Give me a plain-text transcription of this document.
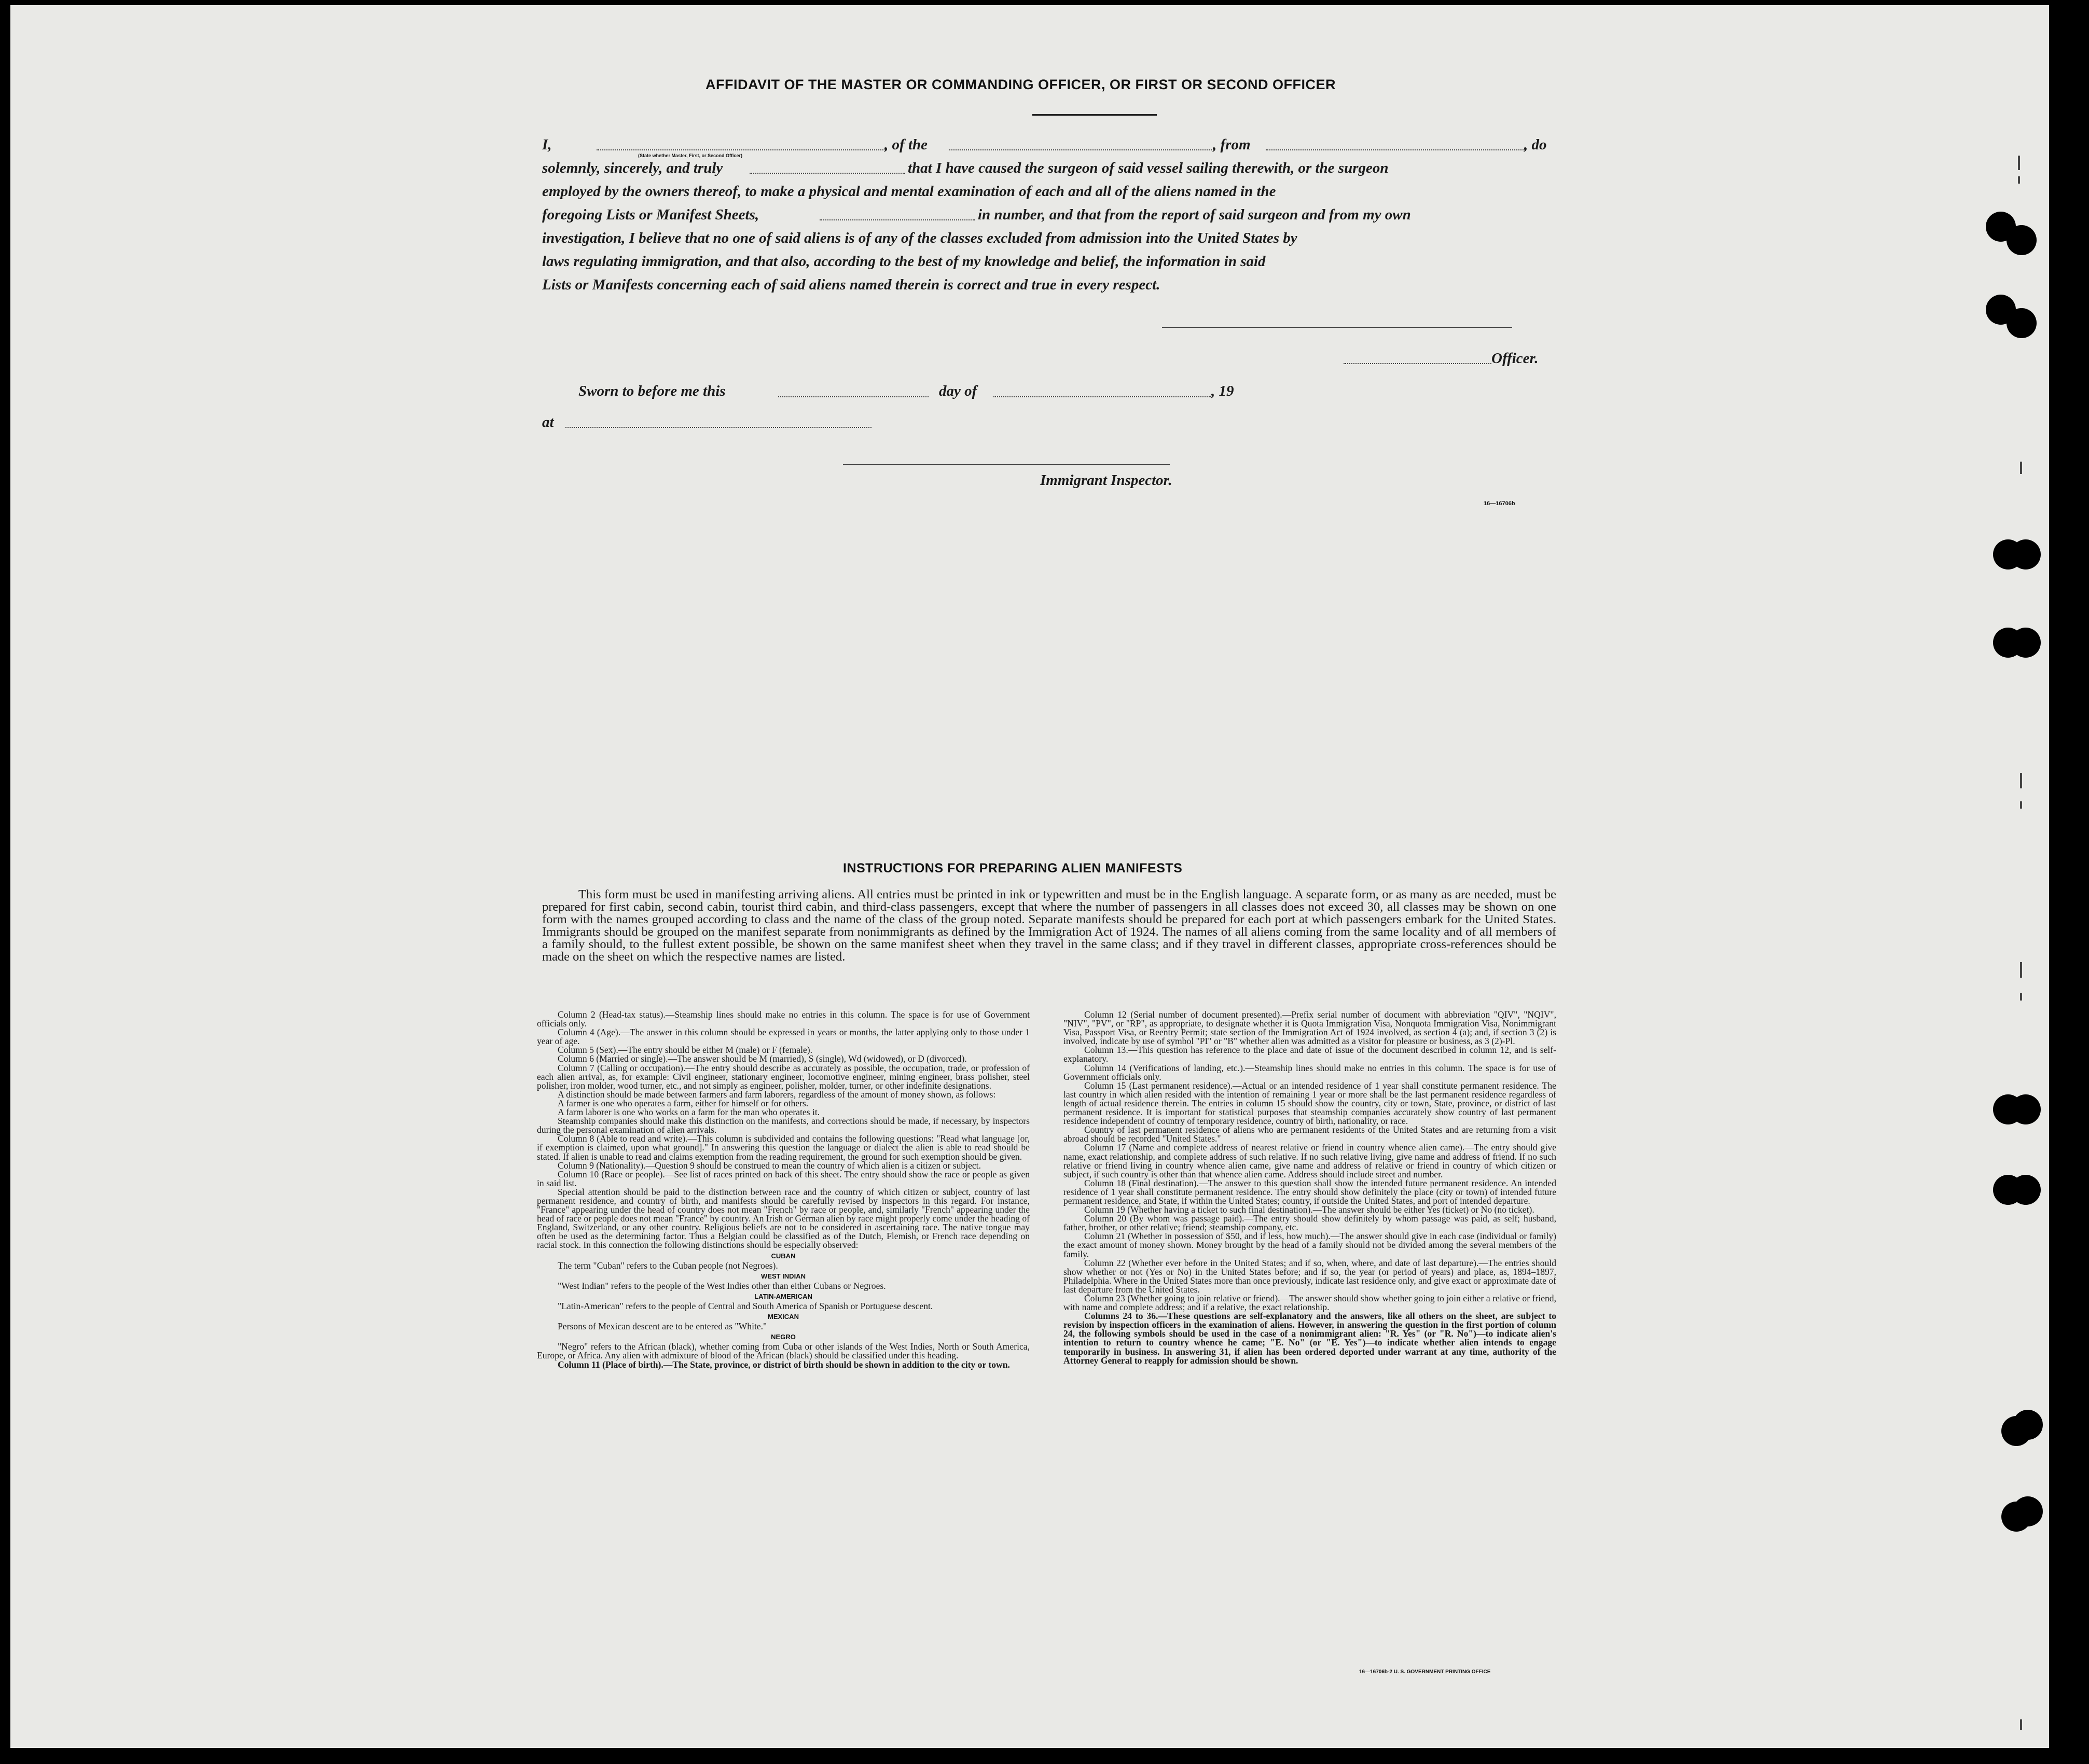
AFFIDAVIT OF THE MASTER OR COMMANDING OFFICER, OR FIRST OR SECOND OFFICER
I,	, of the	, from	, do
(State whether Master, First, or Second Officer)
solemnly, sincerely, and truly	that I have caused the surgeon of said vessel sailing therewith, or the surgeon
employed by the owners thereof, to make a physical and mental examination of each and all of the aliens named in the
foregoing Lists or Manifest Sheets,	in number, and that from the report of said surgeon and from my own
investigation, I believe that no one of said aliens is of any of the classes excluded from admission into the United States by
laws regulating immigration, and that also, according to the best of my knowledge and belief, the information in said
Lists or Manifests concerning each of said aliens named therein is correct and true in every respect.
Officer.
Sworn to before me this	day of	, 19
at
Immigrant Inspector.
16—16706b
INSTRUCTIONS FOR PREPARING ALIEN MANIFESTS
This form must be used in manifesting arriving aliens. All entries must be printed in ink or typewritten and must be in the English language. A separate form, or as many as are needed, must be prepared for first cabin, second cabin, tourist third cabin, and third-class passengers, except that where the number of passengers in all classes does not exceed 30, all classes may be shown on one form with the names grouped according to class and the name of the class of the group noted. Separate manifests should be prepared for each port at which passengers embark for the United States. Immigrants should be grouped on the manifest separate from nonimmigrants as defined by the Immigration Act of 1924. The names of all aliens coming from the same locality and of all members of a family should, to the fullest extent possible, be shown on the same manifest sheet when they travel in the same class; and if they travel in different classes, appropriate cross-references should be made on the sheet on which the respective names are listed.

Column 2 (Head-tax status).—Steamship lines should make no entries in this column. The space is for use of Government officials only.

Column 4 (Age).—The answer in this column should be expressed in years or months, the latter applying only to those under 1 year of age.

Column 5 (Sex).—The entry should be either M (male) or F (female).

Column 6 (Married or single).—The answer should be M (married), S (single), Wd (widowed), or D (divorced).

Column 7 (Calling or occupation).—The entry should describe as accurately as possible, the occupation, trade, or profession of each alien arrival, as, for example: Civil engineer, stationary engineer, locomotive engineer, mining engineer, brass polisher, steel polisher, iron molder, wood turner, etc., and not simply as engineer, polisher, molder, turner, or other indefinite designations.

A distinction should be made between farmers and farm laborers, regardless of the amount of money shown, as follows:

A farmer is one who operates a farm, either for himself or for others.

A farm laborer is one who works on a farm for the man who operates it.

Steamship companies should make this distinction on the manifests, and corrections should be made, if necessary, by inspectors during the personal examination of alien arrivals.

Column 8 (Able to read and write).—This column is subdivided and contains the following questions: "Read what language [or, if exemption is claimed, upon what ground]." In answering this question the language or dialect the alien is able to read should be stated. If alien is unable to read and claims exemption from the reading requirement, the ground for such exemption should be given.

Column 9 (Nationality).—Question 9 should be construed to mean the country of which alien is a citizen or subject.

Column 10 (Race or people).—See list of races printed on back of this sheet. The entry should show the race or people as given in said list.

Special attention should be paid to the distinction between race and the country of which citizen or subject, country of last permanent residence, and country of birth, and manifests should be carefully revised by inspectors in this regard. For instance, "France" appearing under the head of country does not mean "French" by race or people, and, similarly "French" appearing under the head of race or people does not mean "France" by country. An Irish or German alien by race might properly come under the heading of England, Switzerland, or any other country. Religious beliefs are not to be considered in ascertaining race. The native tongue may often be used as the determining factor. Thus a Belgian could be classified as of the Dutch, Flemish, or French race depending on racial stock. In this connection the following distinctions should be especially observed:

CUBAN

The term "Cuban" refers to the Cuban people (not Negroes).

WEST INDIAN

"West Indian" refers to the people of the West Indies other than either Cubans or Negroes.

LATIN-AMERICAN

"Latin-American" refers to the people of Central and South America of Spanish or Portuguese descent.

MEXICAN

Persons of Mexican descent are to be entered as "White."

NEGRO

"Negro" refers to the African (black), whether coming from Cuba or other islands of the West Indies, North or South America, Europe, or Africa. Any alien with admixture of blood of the African (black) should be classified under this heading.

Column 11 (Place of birth).—The State, province, or district of birth should be shown in addition to the city or town.

Column 12 (Serial number of document presented).—Prefix serial number of document with abbreviation "QIV", "NQIV", "NIV", "PV", or "RP", as appropriate, to designate whether it is Quota Immigration Visa, Nonquota Immigration Visa, Nonimmigrant Visa, Passport Visa, or Reentry Permit; state section of the Immigration Act of 1924 involved, as section 4 (a); and, if section 3 (2) is involved, indicate by use of symbol "PI" or "B" whether alien was admitted as a visitor for pleasure or business, as 3 (2)-Pl.

Column 13.—This question has reference to the place and date of issue of the document described in column 12, and is self-explanatory.

Column 14 (Verifications of landing, etc.).—Steamship lines should make no entries in this column. The space is for use of Government officials only.

Column 15 (Last permanent residence).—Actual or an intended residence of 1 year shall constitute permanent residence. The last country in which alien resided with the intention of remaining 1 year or more shall be the last permanent residence regardless of length of actual residence therein. The entries in column 15 should show the country, city or town, State, province, or district of last permanent residence. It is important for statistical purposes that steamship companies accurately show country of last permanent residence independent of country of temporary residence, country of birth, nationality, or race.

Country of last permanent residence of aliens who are permanent residents of the United States and are returning from a visit abroad should be recorded "United States."

Column 17 (Name and complete address of nearest relative or friend in country whence alien came).—The entry should give name, exact relationship, and complete address of such relative. If no such relative living, give name and address of friend. If no such relative or friend living in country whence alien came, give name and address of relative or friend in country of which citizen or subject, if such country is other than that whence alien came. Address should include street and number.

Column 18 (Final destination).—The answer to this question shall show the intended future permanent residence. An intended residence of 1 year shall constitute permanent residence. The entry should show definitely the place (city or town) of intended future permanent residence, and State, if within the United States; country, if outside the United States, and port of intended departure.

Column 19 (Whether having a ticket to such final destination).—The answer should be either Yes (ticket) or No (no ticket).

Column 20 (By whom was passage paid).—The entry should show definitely by whom passage was paid, as self; husband, father, brother, or other relative; friend; steamship company, etc.

Column 21 (Whether in possession of $50, and if less, how much).—The answer should give in each case (individual or family) the exact amount of money shown. Money brought by the head of a family should not be divided among the several members of the family.

Column 22 (Whether ever before in the United States; and if so, when, where, and date of last departure).—The entries should show whether or not (Yes or No) in the United States before; and if so, the year (or period of years) and place, as, 1894–1897, Philadelphia. Where in the United States more than once previously, indicate last residence only, and give exact or approximate date of last departure from the United States.

Column 23 (Whether going to join relative or friend).—The answer should show whether going to join either a relative or friend, with name and complete address; and if a relative, the exact relationship.

Columns 24 to 36.—These questions are self-explanatory and the answers, like all others on the sheet, are subject to revision by inspection officers in the examination of aliens. However, in answering the question in the first portion of column 24, the following symbols should be used in the case of a nonimmigrant alien: "R. Yes" (or "R. No")—to indicate alien's intention to return to country whence he came; "E. No" (or "E. Yes")—to indicate whether alien intends to engage temporarily in business. In answering 31, if alien has been ordered deported under warrant at any time, authority of the Attorney General to reapply for admission should be shown.

16—16706b-2 U. S. GOVERNMENT PRINTING OFFICE
